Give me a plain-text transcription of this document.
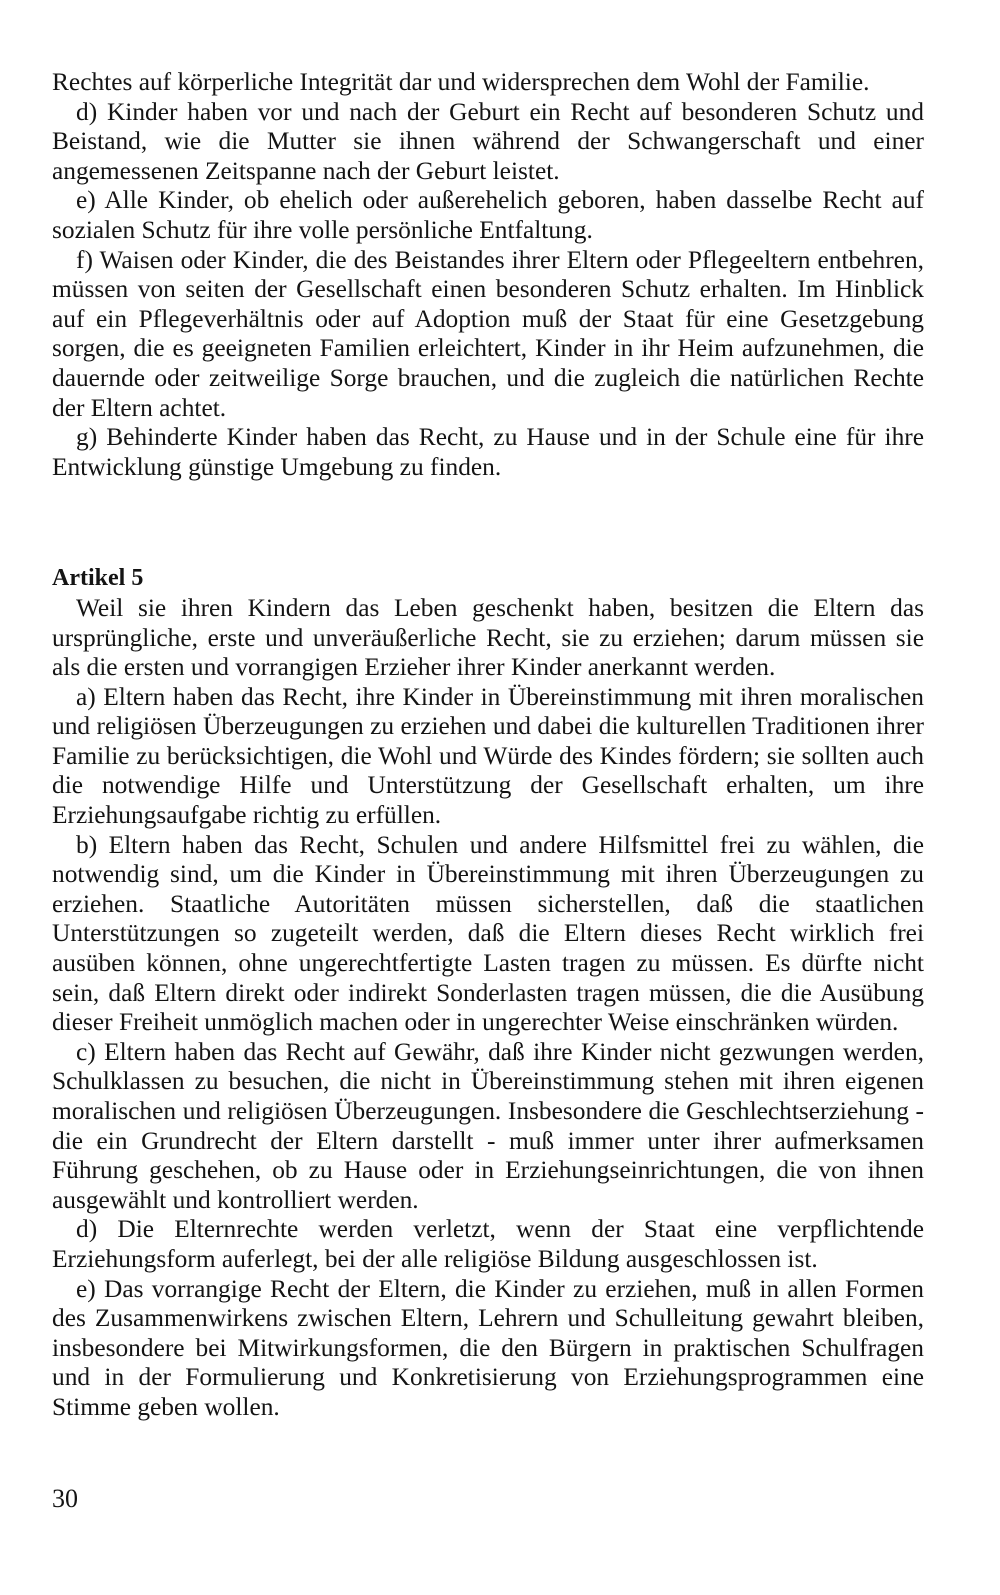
Rechtes auf körperliche Integrität dar und widersprechen dem Wohl der Familie.

d) Kinder haben vor und nach der Geburt ein Recht auf besonderen Schutz und Beistand, wie die Mutter sie ihnen während der Schwangerschaft und einer angemessenen Zeitspanne nach der Geburt leistet.

e) Alle Kinder, ob ehelich oder außerehelich geboren, haben dasselbe Recht auf sozialen Schutz für ihre volle persönliche Entfaltung.

f) Waisen oder Kinder, die des Beistandes ihrer Eltern oder Pflegeeltern entbehren, müssen von seiten der Gesellschaft einen besonderen Schutz erhalten. Im Hinblick auf ein Pflegeverhältnis oder auf Adoption muß der Staat für eine Gesetzgebung sorgen, die es geeigneten Familien erleichtert, Kinder in ihr Heim aufzunehmen, die dauernde oder zeitweilige Sorge brauchen, und die zugleich die natürlichen Rechte der Eltern achtet.

g) Behinderte Kinder haben das Recht, zu Hause und in der Schule eine für ihre Entwicklung günstige Umgebung zu finden.

Artikel 5

Weil sie ihren Kindern das Leben geschenkt haben, besitzen die Eltern das ursprüngliche, erste und unveräußerliche Recht, sie zu erziehen; darum müssen sie als die ersten und vorrangigen Erzieher ihrer Kinder anerkannt werden.

a) Eltern haben das Recht, ihre Kinder in Übereinstimmung mit ihren moralischen und religiösen Überzeugungen zu erziehen und dabei die kulturellen Traditionen ihrer Familie zu berücksichtigen, die Wohl und Würde des Kindes fördern; sie sollten auch die notwendige Hilfe und Unterstützung der Gesellschaft erhalten, um ihre Erziehungsaufgabe richtig zu erfüllen.

b) Eltern haben das Recht, Schulen und andere Hilfsmittel frei zu wählen, die notwendig sind, um die Kinder in Übereinstimmung mit ihren Überzeugungen zu erziehen. Staatliche Autoritäten müssen sicherstellen, daß die staatlichen Unterstützungen so zugeteilt werden, daß die Eltern dieses Recht wirklich frei ausüben können, ohne ungerechtfertigte Lasten tragen zu müssen. Es dürfte nicht sein, daß Eltern direkt oder indirekt Sonderlasten tragen müssen, die die Ausübung dieser Freiheit unmöglich machen oder in ungerechter Weise einschränken würden.

c) Eltern haben das Recht auf Gewähr, daß ihre Kinder nicht gezwungen werden, Schulklassen zu besuchen, die nicht in Übereinstimmung stehen mit ihren eigenen moralischen und religiösen Überzeugungen. Insbesondere die Geschlechtserziehung - die ein Grundrecht der Eltern darstellt - muß immer unter ihrer aufmerksamen Führung geschehen, ob zu Hause oder in Erziehungseinrichtungen, die von ihnen ausgewählt und kontrolliert werden.

d) Die Elternrechte werden verletzt, wenn der Staat eine verpflichtende Erziehungsform auferlegt, bei der alle religiöse Bildung ausgeschlossen ist.

e) Das vorrangige Recht der Eltern, die Kinder zu erziehen, muß in allen Formen des Zusammenwirkens zwischen Eltern, Lehrern und Schulleitung gewahrt bleiben, insbesondere bei Mitwirkungsformen, die den Bürgern in praktischen Schulfragen und in der Formulierung und Konkretisierung von Erziehungsprogrammen eine Stimme geben wollen.

30
